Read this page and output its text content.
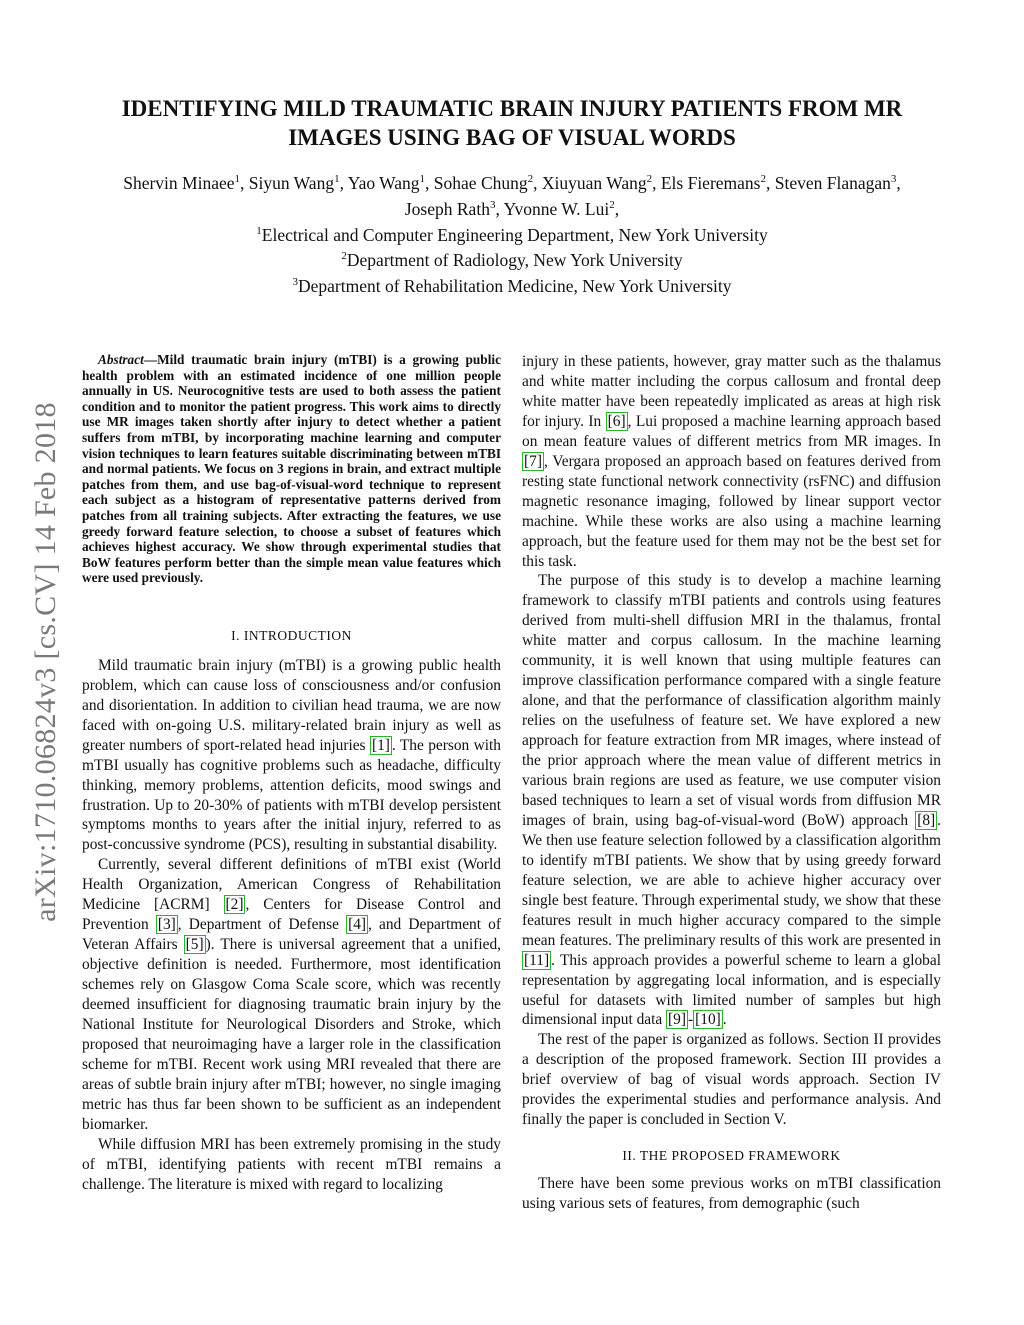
arXiv:1710.06824v3 [cs.CV] 14 Feb 2018
IDENTIFYING MILD TRAUMATIC BRAIN INJURY PATIENTS FROM MR
IMAGES USING BAG OF VISUAL WORDS

Shervin Minaee$^1$, Siyun Wang$^1$, Yao Wang$^1$, Sohae Chung$^2$, Xiuyuan Wang$^2$, Els Fieremans$^2$, Steven Flanagan$^3$,

Joseph Rath$^3$, Yvonne W. Lui$^2$,

$^1$Electrical and Computer Engineering Department, New York University

$^2$Department of Radiology, New York University

$^3$Department of Rehabilitation Medicine, New York University

Abstract—Mild traumatic brain injury (mTBI) is a growing public health problem with an estimated incidence of one million people annually in US. Neurocognitive tests are used to both assess the patient condition and to monitor the patient progress. This work aims to directly use MR images taken shortly after injury to detect whether a patient suffers from mTBI, by incorporating machine learning and computer vision techniques to learn features suitable discriminating between mTBI and normal patients. We focus on 3 regions in brain, and extract multiple patches from them, and use bag-of-visual-word technique to represent each subject as a histogram of representative patterns derived from patches from all training subjects. After extracting the features, we use greedy forward feature selection, to choose a subset of features which achieves highest accuracy. We show through experimental studies that BoW features perform better than the simple mean value features which were used previously.

I. INTRODUCTION

Mild traumatic brain injury (mTBI) is a growing public health problem, which can cause loss of consciousness and/or confusion and disorientation. In addition to civilian head trauma, we are now faced with on-going U.S. military-related brain injury as well as greater numbers of sport-related head injuries [1] . The person with mTBI usually has cognitive problems such as headache, difficulty thinking, memory problems, attention deficits, mood swings and frustration. Up to 20-30% of patients with mTBI develop persistent symptoms months to years after the initial injury, referred to as post-concussive syndrome (PCS), resulting in substantial disability.

Currently, several different definitions of mTBI exist (World Health Organization, American Congress of Rehabilitation Medicine [ACRM] [2] , Centers for Disease Control and Prevention [3] , Department of Defense [4] , and Department of Veteran Affairs [5] ). There is universal agreement that a unified, objective definition is needed. Furthermore, most identification schemes rely on Glasgow Coma Scale score, which was recently deemed insufficient for diagnosing traumatic brain injury by the National Institute for Neurological Disorders and Stroke, which proposed that neuroimaging have a larger role in the classification scheme for mTBI. Recent work using MRI revealed that there are areas of subtle brain injury after mTBI; however, no single imaging metric has thus far been shown to be sufficient as an independent biomarker.

While diffusion MRI has been extremely promising in the study of mTBI, identifying patients with recent mTBI remains a challenge. The literature is mixed with regard to localizing

injury in these patients, however, gray matter such as the thalamus and white matter including the corpus callosum and frontal deep white matter have been repeatedly implicated as areas at high risk for injury. In [6] , Lui proposed a machine learning approach based on mean feature values of different metrics from MR images. In [7] , Vergara proposed an approach based on features derived from resting state functional network connectivity (rsFNC) and diffusion magnetic resonance imaging, followed by linear support vector machine. While these works are also using a machine learning approach, but the feature used for them may not be the best set for this task.

The purpose of this study is to develop a machine learning framework to classify mTBI patients and controls using features derived from multi-shell diffusion MRI in the thalamus, frontal white matter and corpus callosum. In the machine learning community, it is well known that using multiple features can improve classification performance compared with a single feature alone, and that the performance of classification algorithm mainly relies on the usefulness of feature set. We have explored a new approach for feature extraction from MR images, where instead of the prior approach where the mean value of different metrics in various brain regions are used as feature, we use computer vision based techniques to learn a set of visual words from diffusion MR images of brain, using bag-of-visual-word (BoW) approach [8] . We then use feature selection followed by a classification algorithm to identify mTBI patients. We show that by using greedy forward feature selection, we are able to achieve higher accuracy over single best feature. Through experimental study, we show that these features result in much higher accuracy compared to the simple mean features. The preliminary results of this work are presented in [11] . This approach provides a powerful scheme to learn a global representation by aggregating local information, and is especially useful for datasets with limited number of samples but high dimensional input data [9] - [10] .

The rest of the paper is organized as follows. Section II provides a description of the proposed framework. Section III provides a brief overview of bag of visual words approach. Section IV provides the experimental studies and performance analysis. And finally the paper is concluded in Section V.

II. THE PROPOSED FRAMEWORK

There have been some previous works on mTBI classification using various sets of features, from demographic (such
